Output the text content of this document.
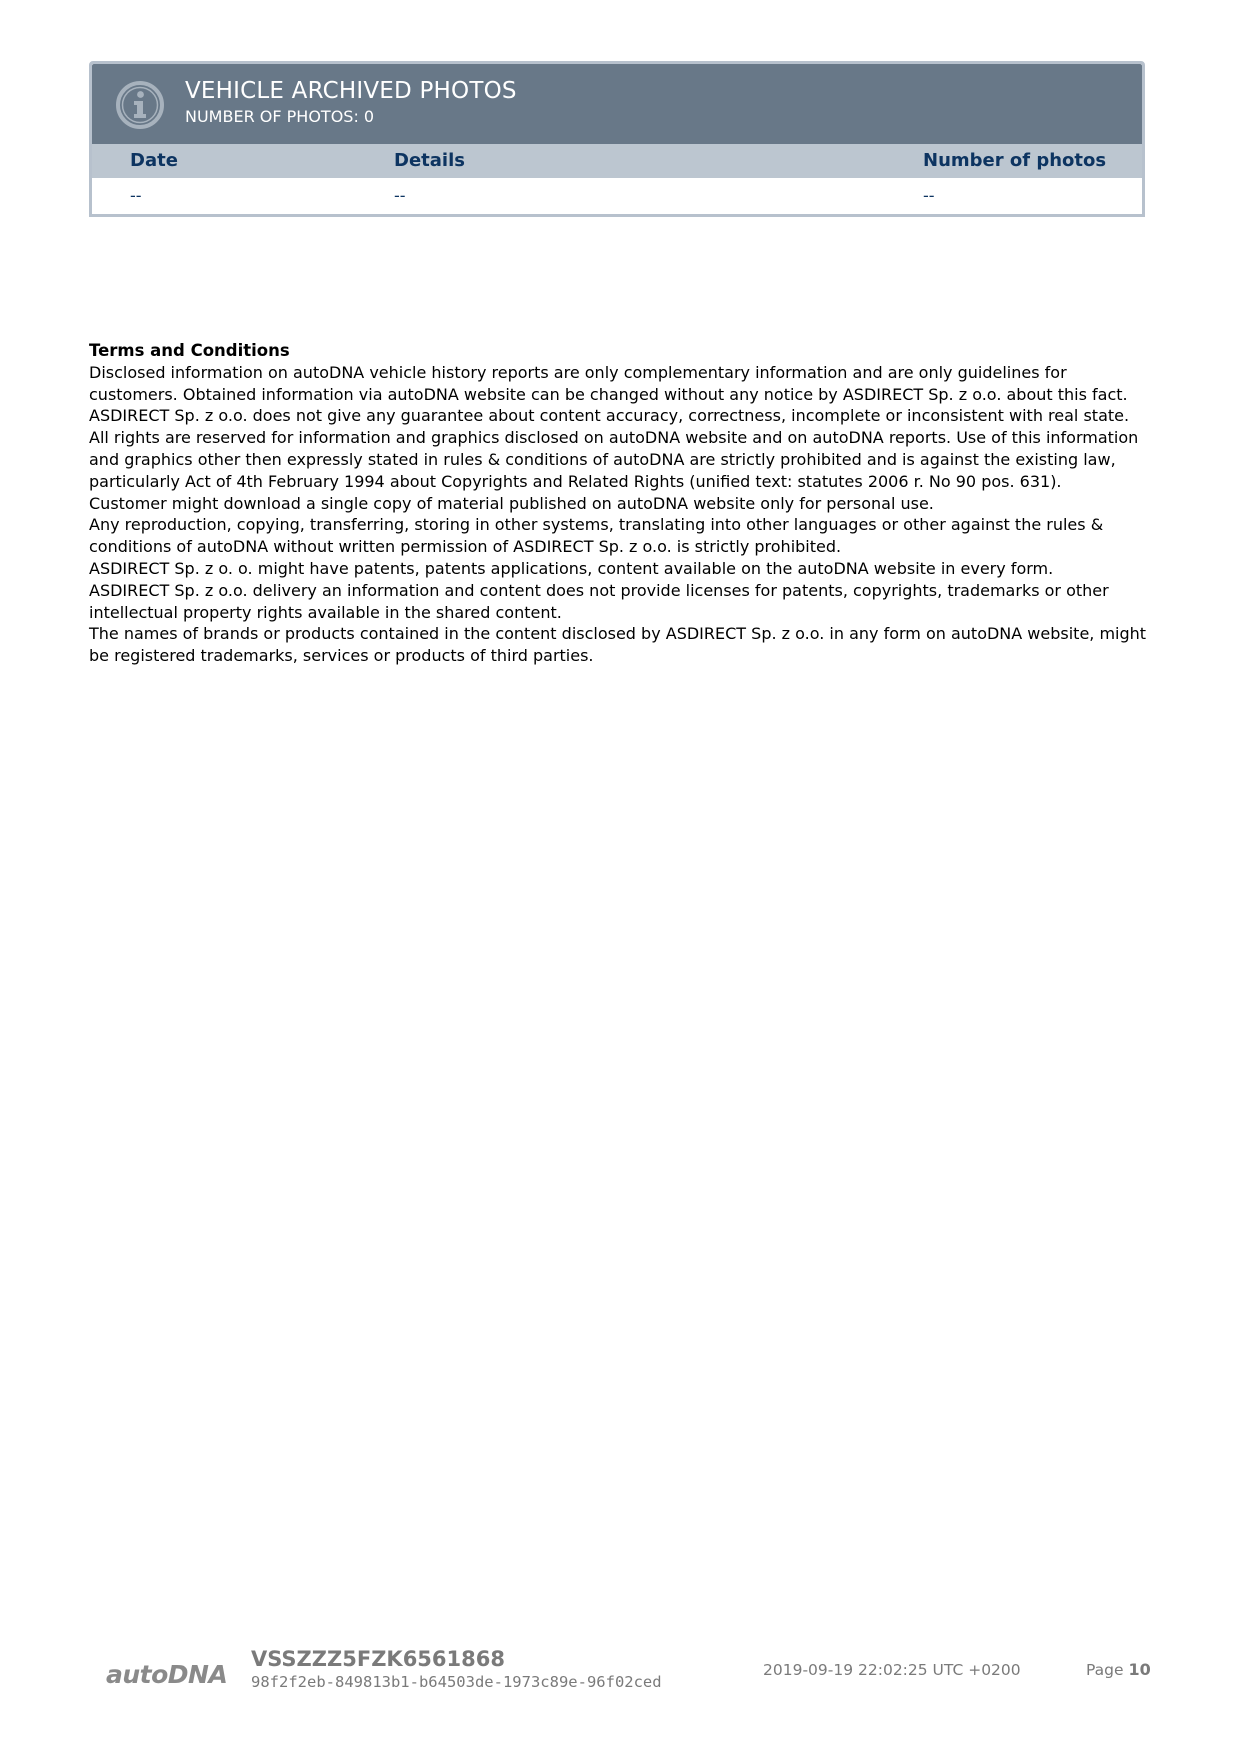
VEHICLE ARCHIVED PHOTOS
NUMBER OF PHOTOS: 0
Date	Details	Number of photos
--	--	--
Terms and Conditions

Disclosed information on autoDNA vehicle history reports are only complementary information and are only guidelines for customers. Obtained information via autoDNA website can be changed without any notice by ASDIRECT Sp. z o.o. about this fact.

ASDIRECT Sp. z o.o. does not give any guarantee about content accuracy, correctness, incomplete or inconsistent with real state.

All rights are reserved for information and graphics disclosed on autoDNA website and on autoDNA reports. Use of this information and graphics other then expressly stated in rules & conditions of autoDNA are strictly prohibited and is against the existing law, particularly Act of 4th February 1994 about Copyrights and Related Rights (unified text: statutes 2006 r. No 90 pos. 631).

Customer might download a single copy of material published on autoDNA website only for personal use.

Any reproduction, copying, transferring, storing in other systems, translating into other languages or other against the rules & conditions of autoDNA without written permission of ASDIRECT Sp. z o.o. is strictly prohibited.

ASDIRECT Sp. z o. o. might have patents, patents applications, content available on the autoDNA website in every form.

ASDIRECT Sp. z o.o. delivery an information and content does not provide licenses for patents, copyrights, trademarks or other intellectual property rights available in the shared content.

The names of brands or products contained in the content disclosed by ASDIRECT Sp. z o.o. in any form on autoDNA website, might be registered trademarks, services or products of third parties.

autoDNA
VSSZZZ5FZK6561868
98f2f2eb-849813b1-b64503de-1973c89e-96f02ced
2019-09-19 22:02:25 UTC +0200	Page 10
